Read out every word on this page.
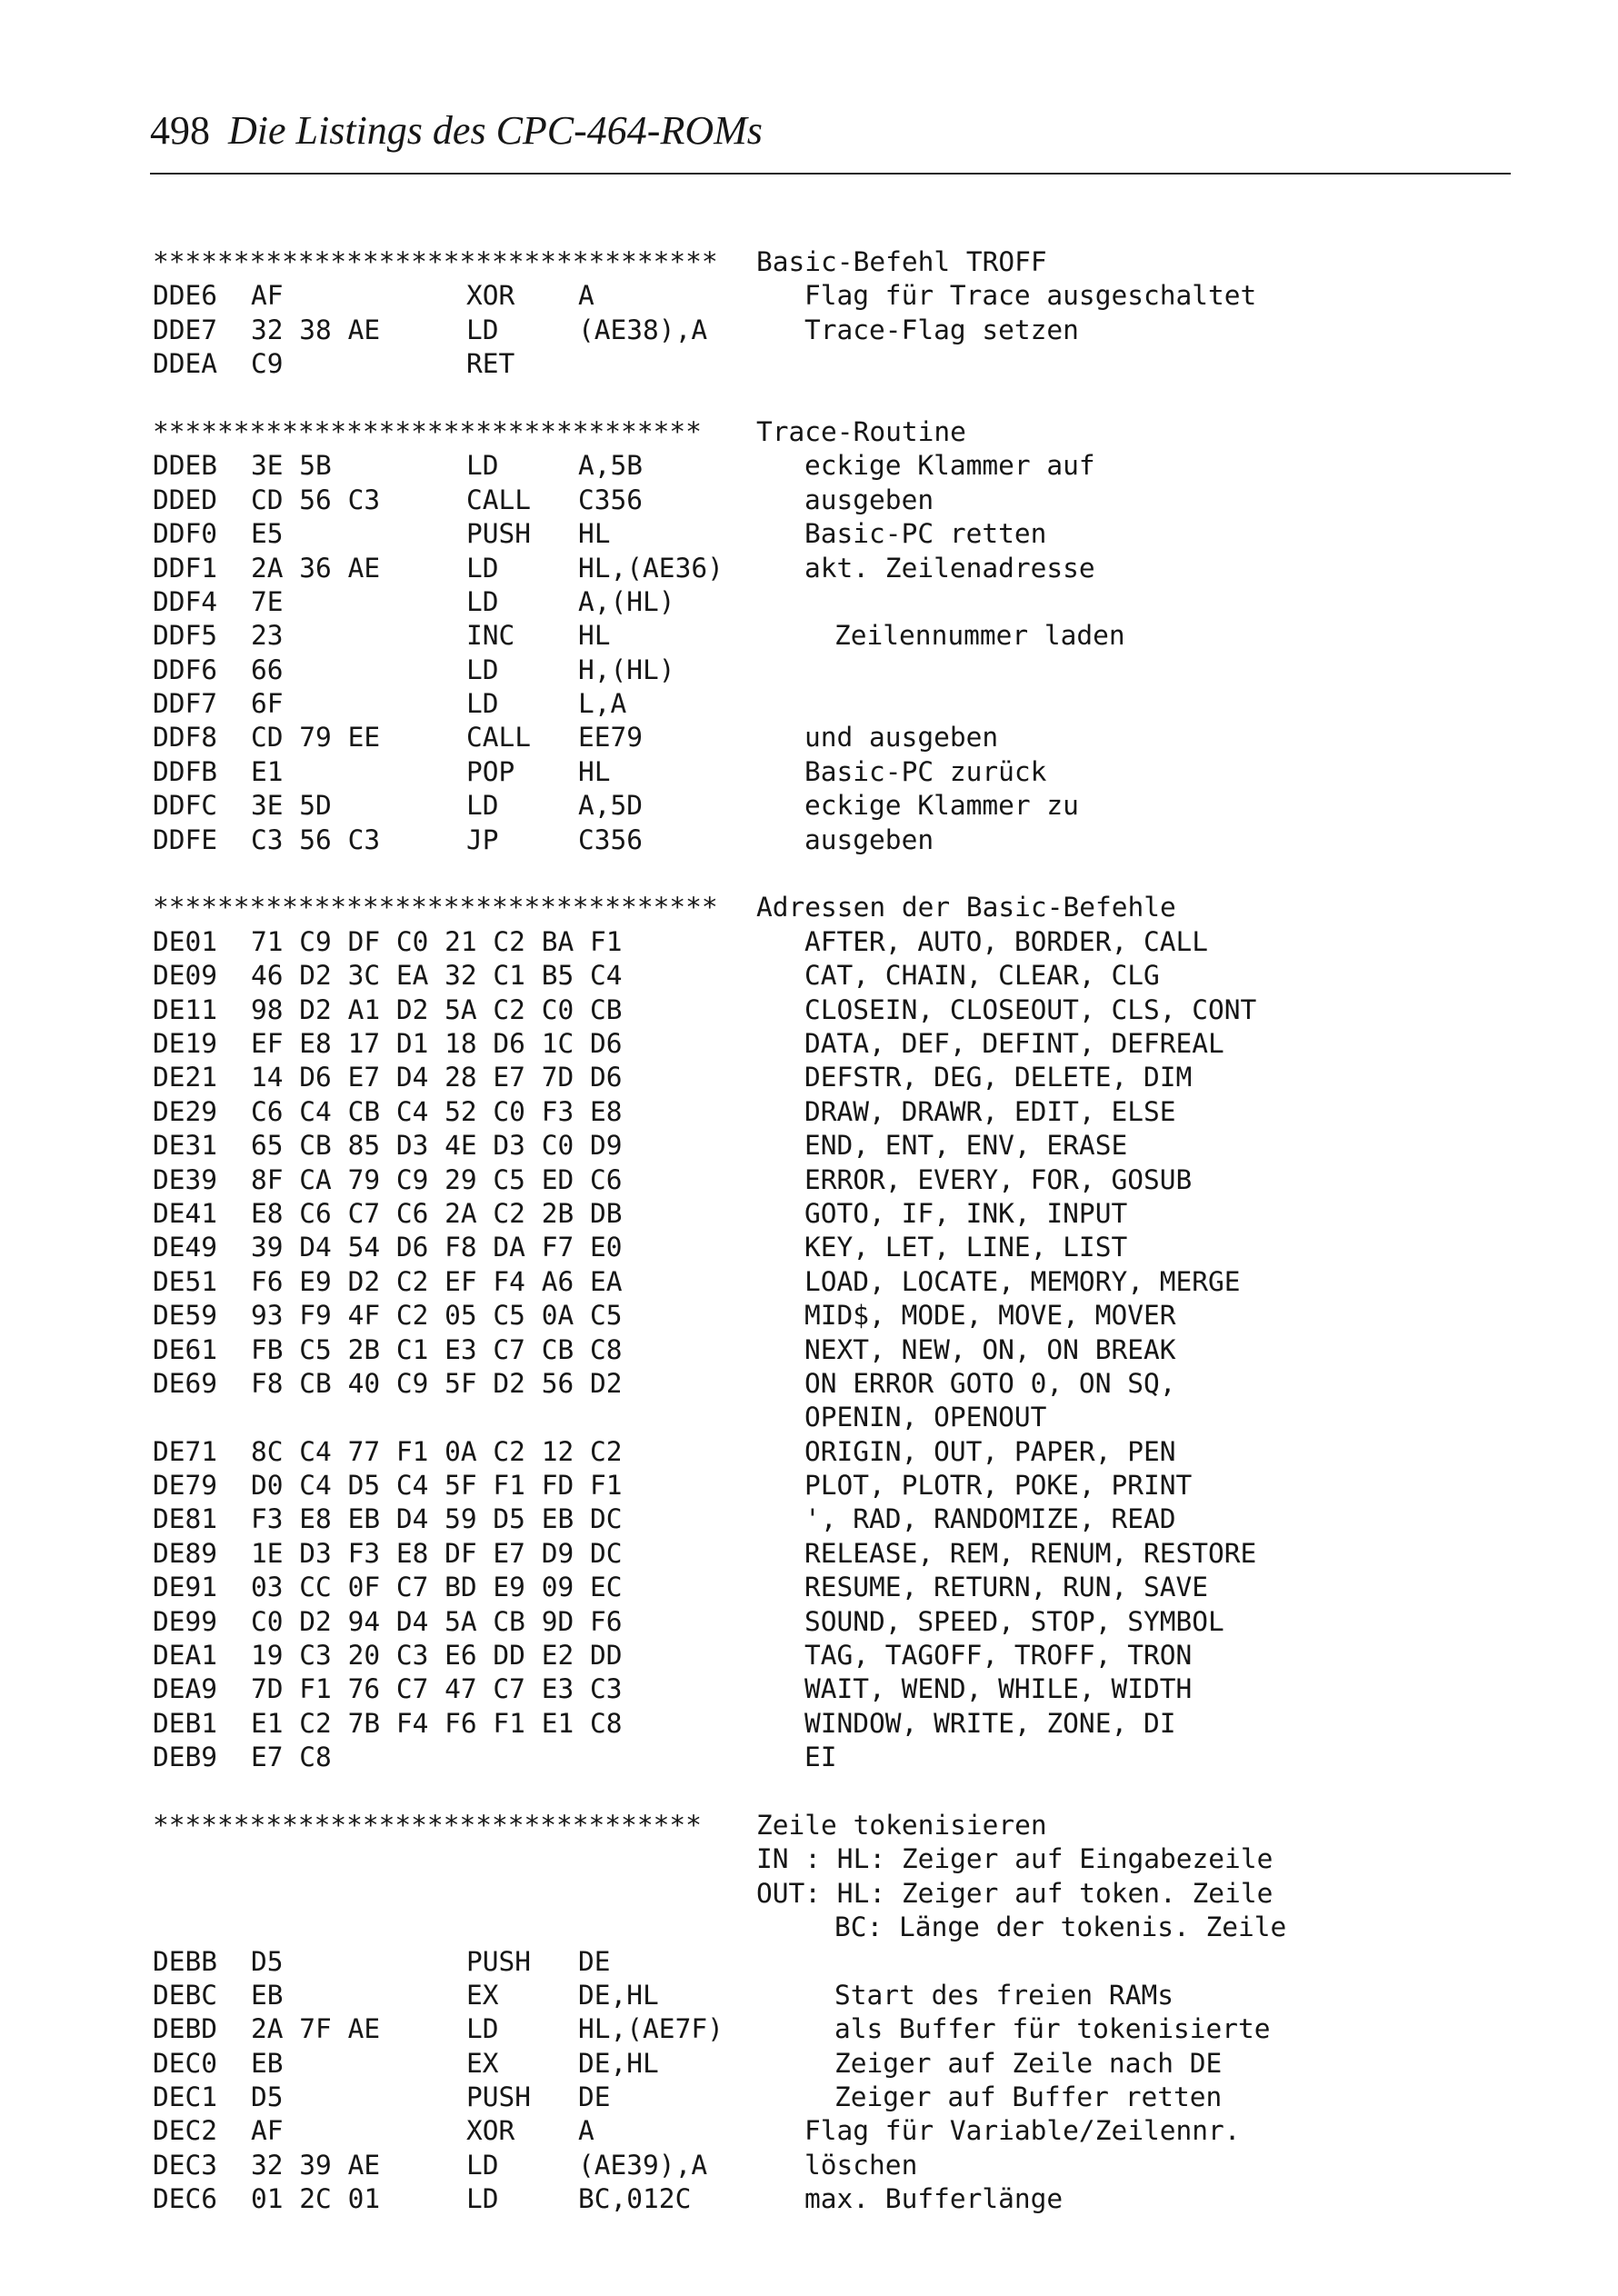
498 Die Listings des CPC-464-ROMs
*********************************** Basic-Befehl TROFF
DDE6 AF	XOR A	Flag für Trace ausgeschaltet
DDE7 32 38 AE	LD	(AE38),A	Trace-Flag setzen
DDEA C9	RET
********************************** Trace-Routine
DDEB 3E 5B	LD	A,5B	eckige Klammer auf
DDED CD 56 C3	CALL C356	ausgeben
DDF0 E5	PUSH HL	Basic-PC retten
DDF1 2A 36 AE	LD	HL,(AE36)	akt. Zeilenadresse
DDF4 7E	LD	A,(HL)
DDF5 23	INC HL	Zeilennummer laden
DDF6 66	LD	H,(HL)
DDF7 6F	LD	L,A
DDF8 CD 79 EE	CALL EE79	und ausgeben
DDFB E1	POP HL	Basic-PC zurück
DDFC 3E 5D	LD	A,5D	eckige Klammer zu
DDFE C3 56 C3	JP	C356	ausgeben
*********************************** Adressen der Basic-Befehle
DE01 71 C9 DF C0 21 C2 BA F1	AFTER, AUTO, BORDER, CALL
DE09 46 D2 3C EA 32 C1 B5 C4	CAT, CHAIN, CLEAR, CLG
DE11 98 D2 A1 D2 5A C2 C0 CB	CLOSEIN, CLOSEOUT, CLS, CONT
DE19 EF E8 17 D1 18 D6 1C D6	DATA, DEF, DEFINT, DEFREAL
DE21 14 D6 E7 D4 28 E7 7D D6	DEFSTR, DEG, DELETE, DIM
DE29 C6 C4 CB C4 52 C0 F3 E8	DRAW, DRAWR, EDIT, ELSE
DE31 65 CB 85 D3 4E D3 C0 D9	END, ENT, ENV, ERASE
DE39 8F CA 79 C9 29 C5 ED C6	ERROR, EVERY, FOR, GOSUB
DE41 E8 C6 C7 C6 2A C2 2B DB	GOTO, IF, INK, INPUT
DE49 39 D4 54 D6 F8 DA F7 E0	KEY, LET, LINE, LIST
DE51 F6 E9 D2 C2 EF F4 A6 EA	LOAD, LOCATE, MEMORY, MERGE
DE59 93 F9 4F C2 05 C5 0A C5	MID$, MODE, MOVE, MOVER
DE61 FB C5 2B C1 E3 C7 CB C8	NEXT, NEW, ON, ON BREAK
DE69 F8 CB 40 C9 5F D2 56 D2	ON ERROR GOTO 0, ON SQ,
OPENIN, OPENOUT
DE71 8C C4 77 F1 0A C2 12 C2	ORIGIN, OUT, PAPER, PEN
DE79 D0 C4 D5 C4 5F F1 FD F1	PLOT, PLOTR, POKE, PRINT
DE81 F3 E8 EB D4 59 D5 EB DC	', RAD, RANDOMIZE, READ
DE89 1E D3 F3 E8 DF E7 D9 DC	RELEASE, REM, RENUM, RESTORE
DE91 03 CC 0F C7 BD E9 09 EC	RESUME, RETURN, RUN, SAVE
DE99 C0 D2 94 D4 5A CB 9D F6	SOUND, SPEED, STOP, SYMBOL
DEA1 19 C3 20 C3 E6 DD E2 DD	TAG, TAGOFF, TROFF, TRON
DEA9 7D F1 76 C7 47 C7 E3 C3	WAIT, WEND, WHILE, WIDTH
DEB1 E1 C2 7B F4 F6 F1 E1 C8	WINDOW, WRITE, ZONE, DI
DEB9 E7 C8	EI
********************************** Zeile tokenisieren
IN : HL: Zeiger auf Eingabezeile
OUT: HL: Zeiger auf token. Zeile
BC: Länge der tokenis. Zeile
DEBB D5	PUSH DE
DEBC EB	EX	DE,HL	Start des freien RAMs
DEBD 2A 7F AE	LD	HL,(AE7F)	als Buffer für tokenisierte
DEC0 EB	EX	DE,HL	Zeiger auf Zeile nach DE
DEC1 D5	PUSH DE	Zeiger auf Buffer retten
DEC2 AF	XOR A	Flag für Variable/Zeilennr.
DEC3 32 39 AE	LD	(AE39),A	löschen
DEC6 01 2C 01	LD	BC,012C	max. Bufferlänge
